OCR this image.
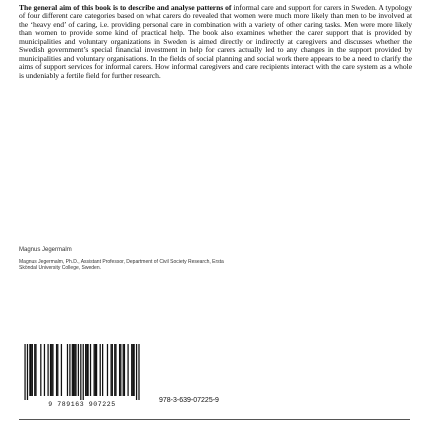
The general aim of this book is to describe and analyse patterns of informal care and support for carers in Sweden. A typology of four different care categories based on what carers do revealed that women were much more likely than men to be involved at the ‘heavy end’ of caring, i.e. providing personal care in combination with a variety of other caring tasks. Men were more likely than women to provide some kind of practical help. The book also examines whether the carer support that is provided by municipalities and voluntary organizations in Sweden is aimed directly or indirectly at caregivers and discusses whether the Swedish government’s special financial investment in help for carers actually led to any changes in the support provided by municipalities and voluntary organisations. In the fields of social planning and social work there appears to be a need to clarify the aims of support services for informal carers. How informal caregivers and care recipients interact with the care system as a whole is undeniably a fertile field for further research.
Magnus Jegermalm
Magnus Jegermalm, Ph.D., Assistant Professor, Department of Civil Society Research, Ersta Sköndal University College, Sweden.
9 789163 907225
978-3-639-07225-9
